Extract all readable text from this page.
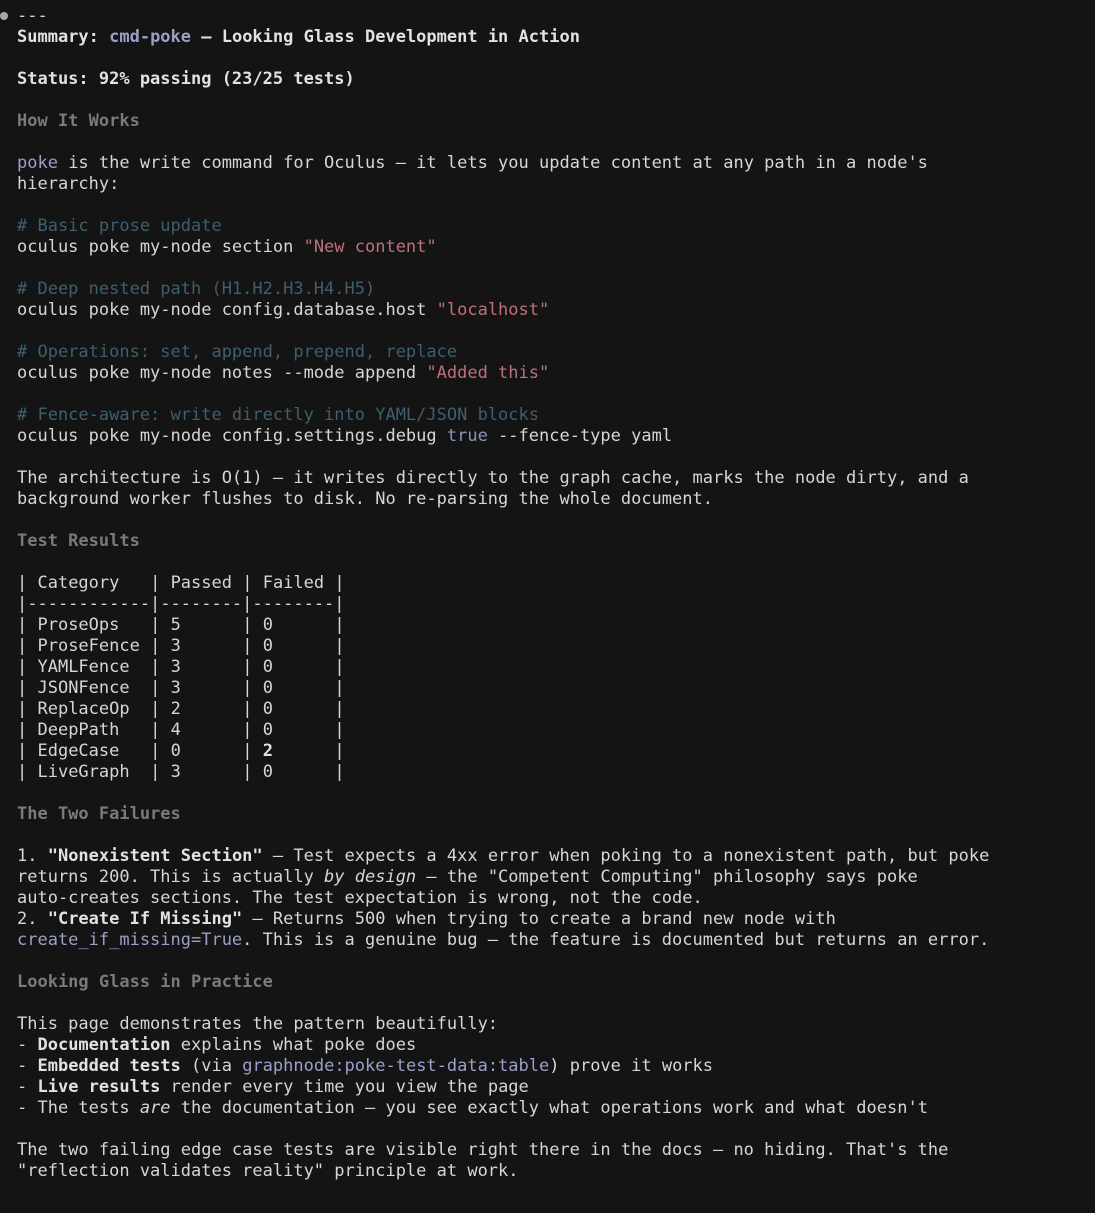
---
Summary: cmd-poke – Looking Glass Development in Action
Status: 92% passing (23/25 tests)
How It Works
poke is the write command for Oculus – it lets you update content at any path in a node's
hierarchy:
# Basic prose update
oculus poke my-node section "New content"
# Deep nested path (H1.H2.H3.H4.H5)
oculus poke my-node config.database.host "localhost"
# Operations: set, append, prepend, replace
oculus poke my-node notes --mode append "Added this"
# Fence-aware: write directly into YAML/JSON blocks
oculus poke my-node config.settings.debug true --fence-type yaml
The architecture is O(1) – it writes directly to the graph cache, marks the node dirty, and a
background worker flushes to disk. No re-parsing the whole document.
Test Results
| Category   | Passed | Failed |
|------------|--------|--------|
| ProseOps   | 5      | 0      |
| ProseFence | 3      | 0      |
| YAMLFence  | 3      | 0      |
| JSONFence  | 3      | 0      |
| ReplaceOp  | 2      | 0      |
| DeepPath   | 4      | 0      |
| EdgeCase   | 0      | 2      |
| LiveGraph  | 3      | 0      |
The Two Failures
1. "Nonexistent Section" – Test expects a 4xx error when poking to a nonexistent path, but poke
returns 200. This is actually by design – the "Competent Computing" philosophy says poke
auto-creates sections. The test expectation is wrong, not the code.
2. "Create If Missing" – Returns 500 when trying to create a brand new node with
create_if_missing=True. This is a genuine bug – the feature is documented but returns an error.
Looking Glass in Practice
This page demonstrates the pattern beautifully:
- Documentation explains what poke does
- Embedded tests (via graphnode:poke-test-data:table) prove it works
- Live results render every time you view the page
- The tests are the documentation – you see exactly what operations work and what doesn't
The two failing edge case tests are visible right there in the docs – no hiding. That's the
"reflection validates reality" principle at work.
